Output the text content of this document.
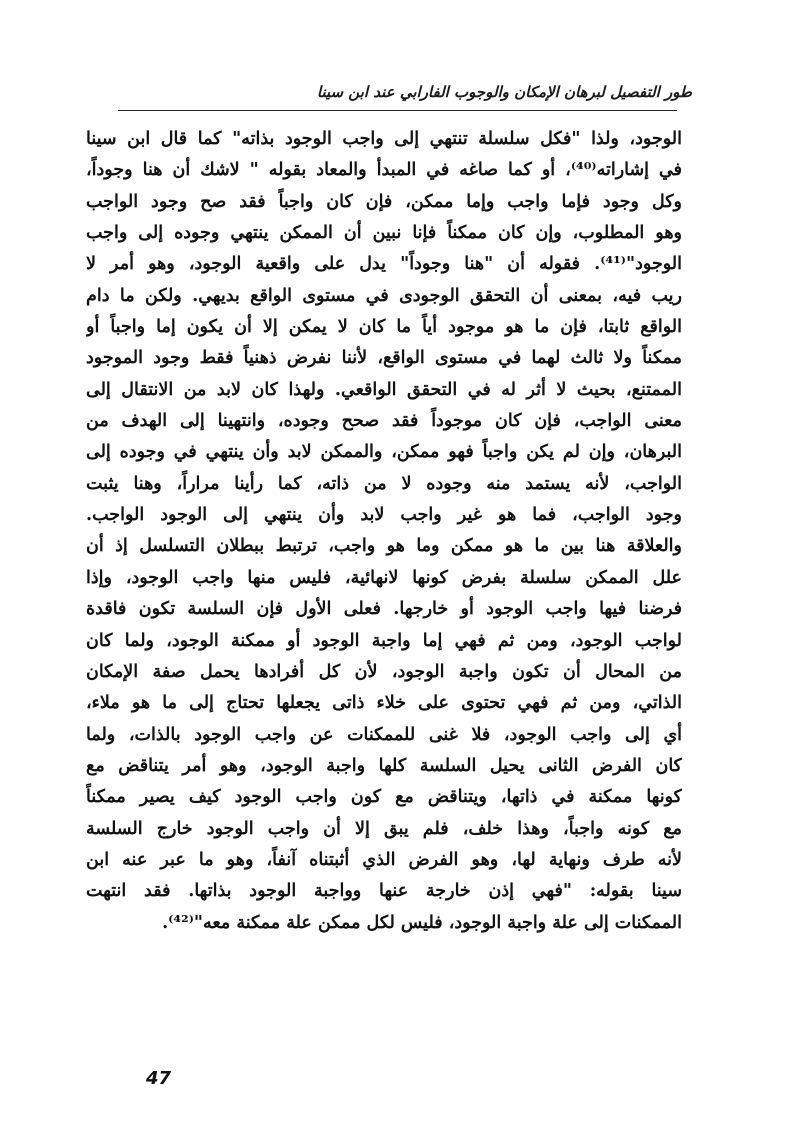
طور التفصيل لبرهان الإمكان والوجوب الفارابي عند ابن سينا
الوجود، ولذا "فكل سلسلة تنتهي إلى واجب الوجود بذاته" كما قال ابن سينا
في إشاراته⁽⁴⁰⁾، أو كما صاغه في المبدأ والمعاد بقوله " لاشك أن هنا وجوداً،
وكل وجود فإما واجب وإما ممكن، فإن كان واجباً فقد صح وجود الواجب
وهو المطلوب، وإن كان ممكناً فإنا نبين أن الممكن ينتهي وجوده إلى واجب
الوجود"⁽⁴¹⁾. فقوله أن "هنا وجوداً" يدل على واقعية الوجود، وهو أمر لا
ريب فيه، بمعنى أن التحقق الوجودى في مستوى الواقع بديهي. ولكن ما دام
الواقع ثابتا، فإن ما هو موجود أياً ما كان لا يمكن إلا أن يكون إما واجباً أو
ممكناً ولا ثالث لهما في مستوى الواقع، لأننا نفرض ذهنياً فقط وجود الموجود
الممتنع، بحيث لا أثر له في التحقق الواقعي. ولهذا كان لابد من الانتقال إلى
معنى الواجب، فإن كان موجوداً فقد صحح وجوده، وانتهينا إلى الهدف من
البرهان، وإن لم يكن واجباً فهو ممكن، والممكن لابد وأن ينتهي في وجوده إلى
الواجب، لأنه يستمد منه وجوده لا من ذاته، كما رأينا مراراً، وهنا يثبت
وجود الواجب، فما هو غير واجب لابد وأن ينتهي إلى الوجود الواجب.
والعلاقة هنا بين ما هو ممكن وما هو واجب، ترتبط ببطلان التسلسل إذ أن
علل الممكن سلسلة بفرض كونها لانهائية، فليس منها واجب الوجود، وإذا
فرضنا فيها واجب الوجود أو خارجها. فعلى الأول فإن السلسة تكون فاقدة
لواجب الوجود، ومن ثم فهي إما واجبة الوجود أو ممكنة الوجود، ولما كان
من المحال أن تكون واجبة الوجود، لأن كل أفرادها يحمل صفة الإمكان
الذاتي، ومن ثم فهي تحتوى على خلاء ذاتى يجعلها تحتاج إلى ما هو ملاء،
أي إلى واجب الوجود، فلا غنى للممكنات عن واجب الوجود بالذات، ولما
كان الفرض الثانى يحيل السلسة كلها واجبة الوجود، وهو أمر يتناقض مع
كونها ممكنة في ذاتها، ويتناقض مع كون واجب الوجود كيف يصير ممكناً
مع كونه واجباً، وهذا خلف، فلم يبق إلا أن واجب الوجود خارج السلسة
لأنه طرف ونهاية لها، وهو الفرض الذي أثبتناه آنفاً، وهو ما عبر عنه ابن
سينا بقوله: "فهي إذن خارجة عنها وواجبة الوجود بذاتها. فقد انتهت
الممكنات إلى علة واجبة الوجود، فليس لكل ممكن علة ممكنة معه"⁽⁴²⁾.
47
